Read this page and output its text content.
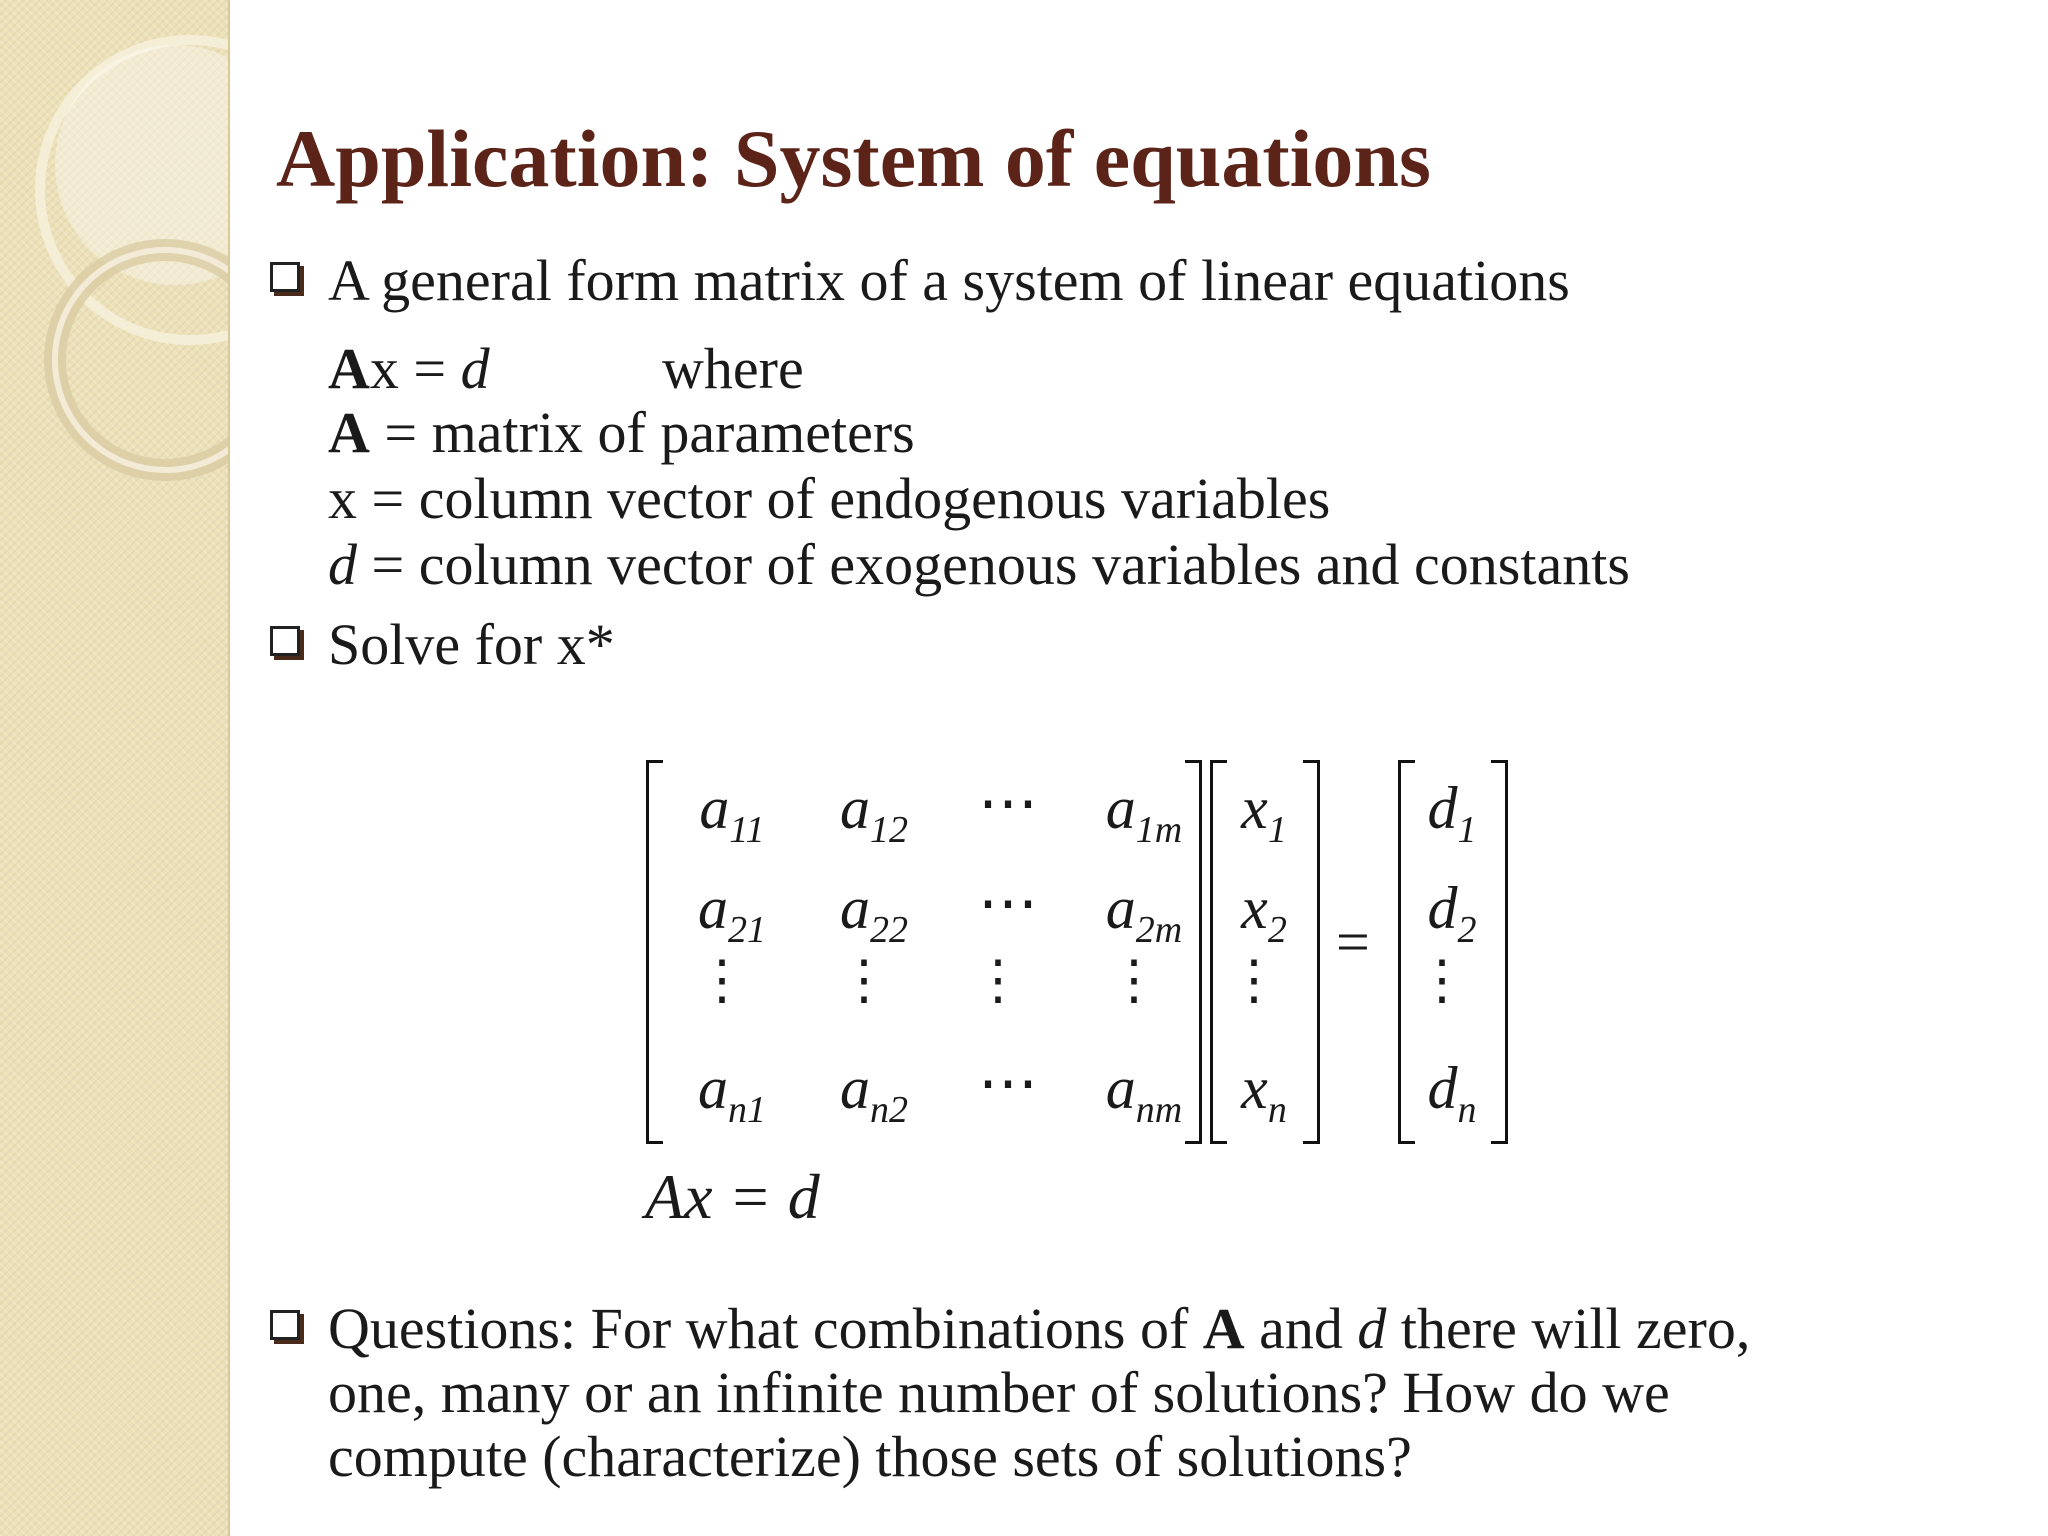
Application: System of equations
A general form matrix of a system of linear equations
Ax = d	where
A = matrix of parameters
x = column vector of endogenous variables
d = column vector of exogenous variables and constants
Solve for x*
$a_{11}$	$a_{12}$	⋯	$a_{1m}$
$a_{21}$	$a_{22}$	⋯	$a_{2m}$
⋮	⋮	⋮	⋮
$a_{n1}$	$a_{n2}$	⋯	$a_{nm}$
$x_1$
$x_2$
⋮
$x_n$
=
$d_1$
$d_2$
⋮
$d_n$
Ax = d
Questions: For what combinations of A and d there will zero,
one, many or an infinite number of solutions? How do we
compute (characterize) those sets of solutions?
